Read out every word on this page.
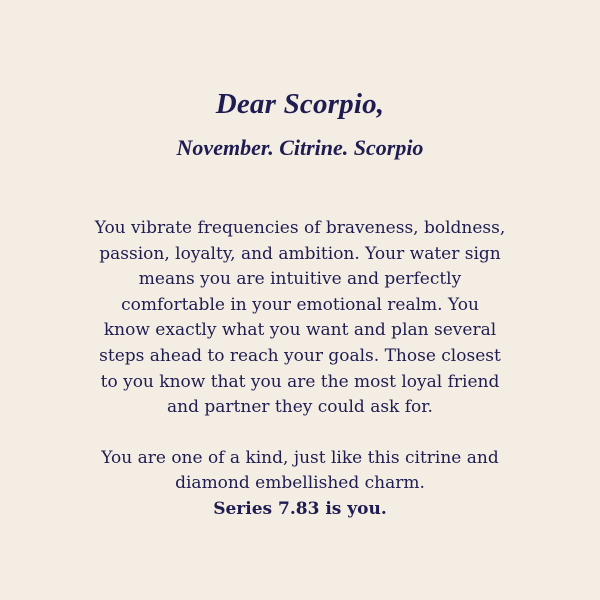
Dear Scorpio,
November. Citrine. Scorpio

You vibrate frequencies of braveness, boldness,
passion, loyalty, and ambition. Your water sign
means you are intuitive and perfectly
comfortable in your emotional realm. You
know exactly what you want and plan several
steps ahead to reach your goals. Those closest
to you know that you are the most loyal friend
and partner they could ask for.

You are one of a kind, just like this citrine and
diamond embellished charm.
Series 7.83 is you.
